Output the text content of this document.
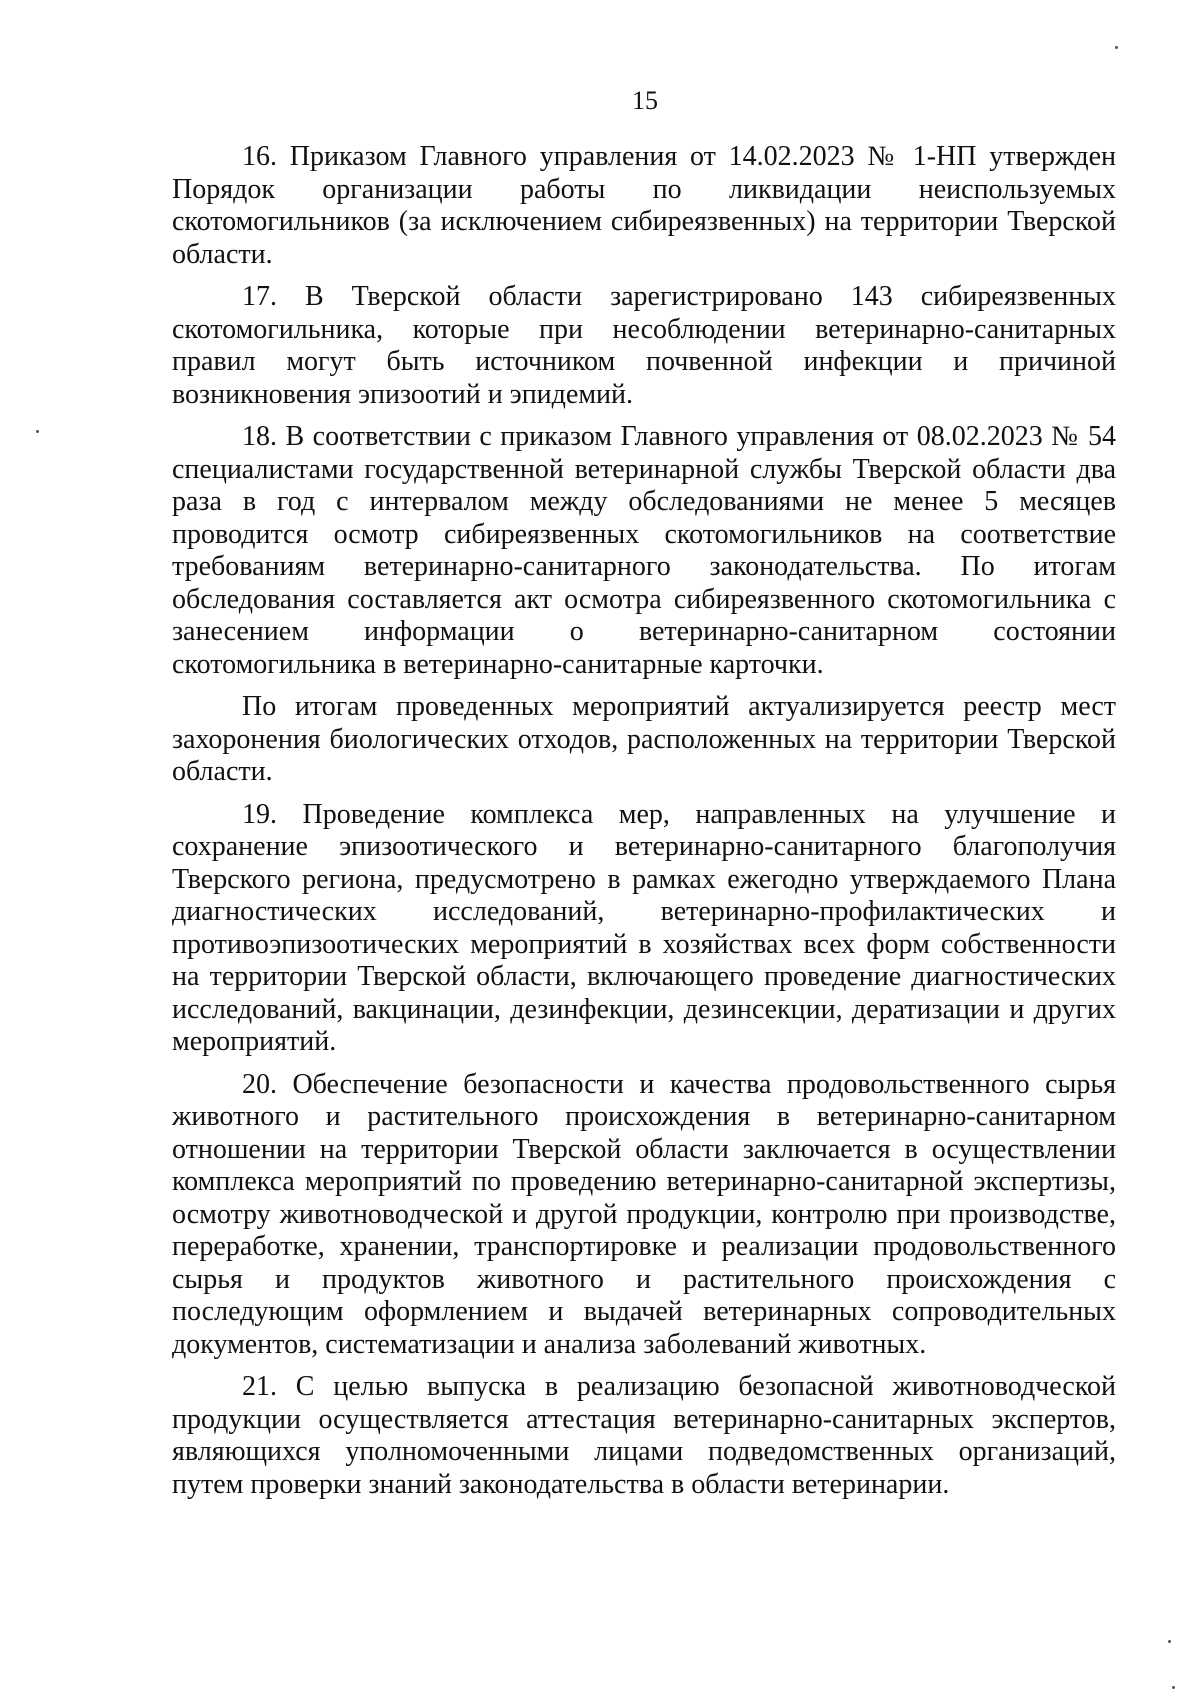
15

16. Приказом Главного управления от 14.02.2023 № 1-НП утвержден Порядок организации работы по ликвидации неиспользуемых скотомогильников (за исключением сибиреязвенных) на территории Тверской области.

17. В Тверской области зарегистрировано 143 сибиреязвенных скотомогильника, которые при несоблюдении ветеринарно-санитарных правил могут быть источником почвенной инфекции и причиной возникновения эпизоотий и эпидемий.

18. В соответствии с приказом Главного управления от 08.02.2023 № 54 специалистами государственной ветеринарной службы Тверской области два раза в год с интервалом между обследованиями не менее 5 месяцев проводится осмотр сибиреязвенных скотомогильников на соответствие требованиям ветеринарно-санитарного законодательства. По итогам обследования составляется акт осмотра сибиреязвенного скотомогильника с занесением информации о ветеринарно-санитарном состоянии скотомогильника в ветеринарно-санитарные карточки.

По итогам проведенных мероприятий актуализируется реестр мест захоронения биологических отходов, расположенных на территории Тверской области.

19. Проведение комплекса мер, направленных на улучшение и сохранение эпизоотического и ветеринарно-санитарного благополучия Тверского региона, предусмотрено в рамках ежегодно утверждаемого Плана диагностических исследований, ветеринарно-профилактических и противоэпизоотических мероприятий в хозяйствах всех форм собственности на территории Тверской области, включающего проведение диагностических исследований, вакцинации, дезинфекции, дезинсекции, дератизации и других мероприятий.

20. Обеспечение безопасности и качества продовольственного сырья животного и растительного происхождения в ветеринарно-санитарном отношении на территории Тверской области заключается в осуществлении комплекса мероприятий по проведению ветеринарно-санитарной экспертизы, осмотру животноводческой и другой продукции, контролю при производстве, переработке, хранении, транспортировке и реализации продовольственного сырья и продуктов животного и растительного происхождения с последующим оформлением и выдачей ветеринарных сопроводительных документов, систематизации и анализа заболеваний животных.

21. С целью выпуска в реализацию безопасной животноводческой продукции осуществляется аттестация ветеринарно-санитарных экспертов, являющихся уполномоченными лицами подведомственных организаций, путем проверки знаний законодательства в области ветеринарии.
